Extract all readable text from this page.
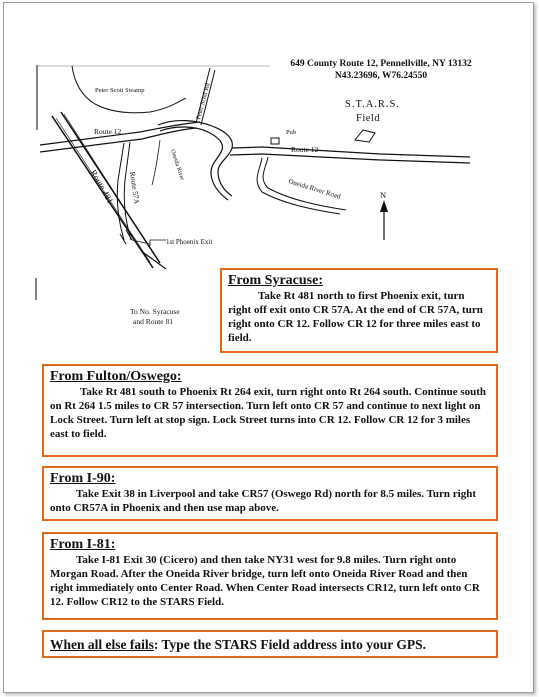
Peter Scott Swamp	Peter Scott Rd	S.T.A.R.S.
Field
Route 12	Pub
Route 12
Route 481 Route 57A
Oneida River
Oneida River Road	N
1st Phoenix Exit
To No. Syracuse
and Route 81
649 County Route 12, Pennellville, NY 13132
N43.23696, W76.24550
From Syracuse:
Take Rt 481 north to first Phoenix exit, turn right off exit onto CR 57A. At the end of CR 57A, turn right onto CR 12. Follow CR 12 for three miles east to field.
From Fulton/Oswego:
Take Rt 481 south to Phoenix Rt 264 exit, turn right onto Rt 264 south. Continue south on Rt 264 1.5 miles to CR 57 intersection. Turn left onto CR 57 and continue to next light on Lock Street. Turn left at stop sign. Lock Street turns into CR 12. Follow CR 12 for 3 miles east to field.
From I-90:
Take Exit 38 in Liverpool and take CR57 (Oswego Rd) north for 8.5 miles. Turn right onto CR57A in Phoenix and then use map above.
From I-81:
Take I-81 Exit 30 (Cicero) and then take NY31 west for 9.8 miles. Turn right onto Morgan Road. After the Oneida River bridge, turn left onto Oneida River Road and then right immediately onto Center Road. When Center Road intersects CR12, turn left onto CR 12. Follow CR12 to the STARS Field.
When all else fails: Type the STARS Field address into your GPS.
